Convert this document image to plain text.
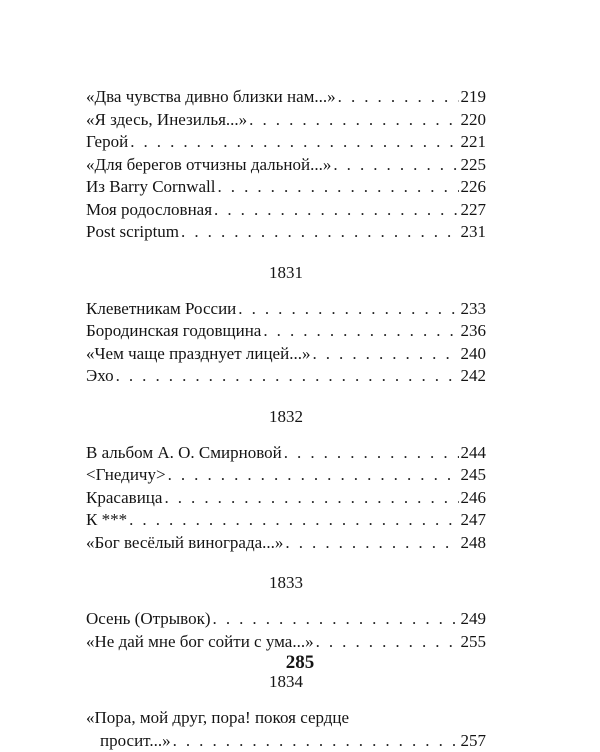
«Два чувства дивно близки нам...» . . .	219
«Я здесь, Инезилья...» . . .	220
Герой . . .	221
«Для берегов отчизны дальной...» . . .	225
Из Barry Cornwall . . .	226
Моя родословная . . .	227
Post scriptum . . .	231
1831
Клеветникам России . . .	233
Бородинская годовщина . . .	236
«Чем чаще празднует лицей...» . . .	240
Эхо . . .	242
1832
В альбом А. О. Смирновой . . .	244
<Гнедичу> . . .	245
Красавица . . .	246
К *** . . .	247
«Бог весёлый винограда...» . . .	248
1833
Осень (Отрывок) . . .	249
«Не дай мне бог сойти с ума...» . . .	255
1834
«Пора, мой друг, пора! покоя сердце
просит...» . . .	257
285
